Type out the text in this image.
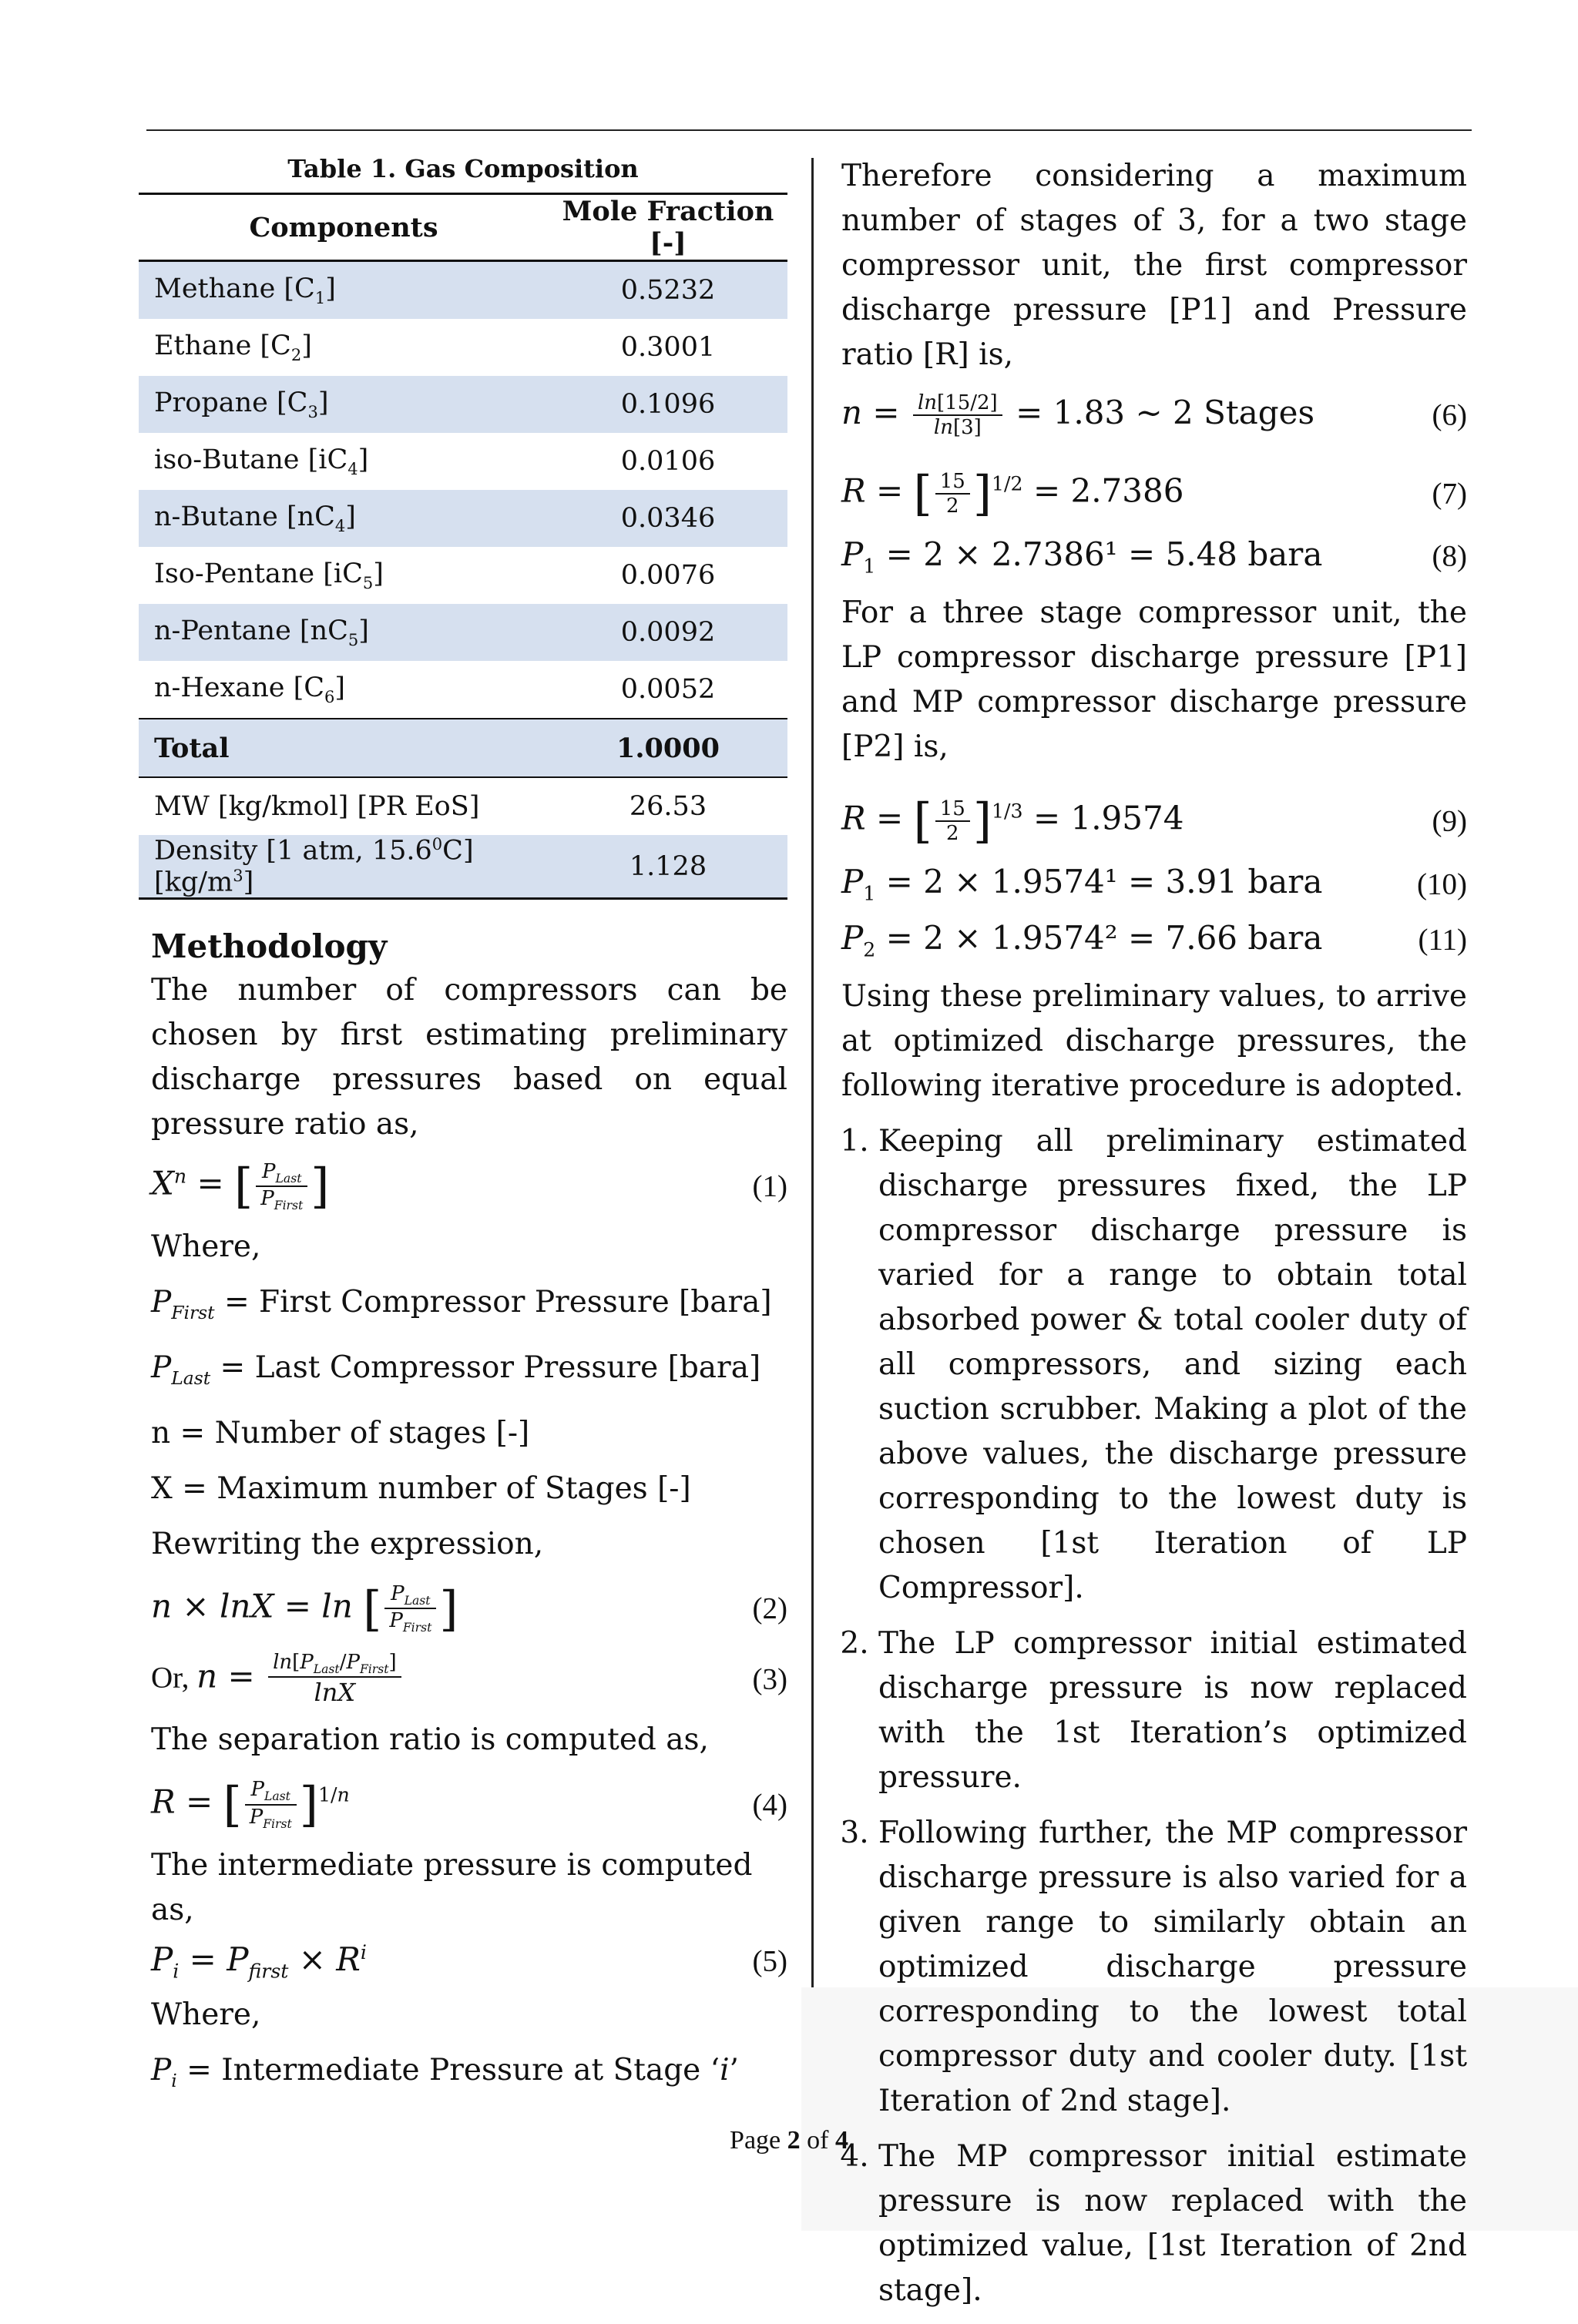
Table 1. Gas Composition
Components	Mole Fraction [-]
Methane $[C_1]$	0.5232
Ethane $[C_2]$	0.3001
Propane $[C_3]$	0.1096
iso-Butane $[iC_4]$	0.0106
n-Butane $[nC_4]$	0.0346
Iso-Pentane $[iC_5]$	0.0076
n-Pentane $[nC_5]$	0.0092
n-Hexane $[C_6]$	0.0052
Total	1.0000
MW [kg/kmol] [PR EoS]	26.53
Density [1 atm, 15.6$^0$C] $[kg/m^3]$	1.128
Methodology

The number of compressors can be chosen by first estimating preliminary discharge pressures based on equal pressure ratio as,

$X^n$ = [ $\frac{P_{Last}}{P_{First}}$ ]	(1)
Where,
$P_{First}$ = First Compressor Pressure [bara]
$P_{Last}$ = Last Compressor Pressure [bara]
n = Number of stages [-]
X = Maximum number of Stages [-]
Rewriting the expression,
n × lnX = ln [ $\frac{P_{Last}}{P_{First}}$ ]	(2)
Or, $n = \frac{\ln[P_{Last}/P_{First}]}{\ln X}$	(3)
The separation ratio is computed as,
R = [ $\frac{P_{Last}}{P_{First}} ]^{1/n}$	(4)
The intermediate pressure is computed as,
$P_i = P_{first} \times R^i$	(5)
Where,
$P_i$ = Intermediate Pressure at Stage ‘i’

Therefore considering a maximum number of stages of 3, for a two stage compressor unit, the first compressor discharge pressure [P1] and Pressure ratio [R] is,

$n = \frac{\ln[15/2]}{\ln[3]} = 1.83$ ~ 2 Stages	(6)
R = [ $\frac{15}{2} ]^{1/2} = 2.7386$	(7)
$P_1 = 2 \times 2.7386^1 = 5.48$ bara	(8)

For a three stage compressor unit, the LP compressor discharge pressure [P1] and MP compressor discharge pressure [P2] is,

R = [ $\frac{15}{2} ]^{1/3} = 1.9574$	(9)
$P_1 = 2 \times 1.9574^1 = 3.91$ bara	(10)
$P_2 = 2 \times 1.9574^2 = 7.66$ bara	(11)

Using these preliminary values, to arrive at optimized discharge pressures, the following iterative procedure is adopted.

1. Keeping all preliminary estimated discharge pressures fixed, the LP compressor discharge pressure is varied for a range to obtain total absorbed power & total cooler duty of all compressors, and sizing each suction scrubber. Making a plot of the above values, the discharge pressure corresponding to the lowest duty is chosen [1st Iteration of LP Compressor].
2. The LP compressor initial estimated discharge pressure is now replaced with the 1st Iteration’s optimized pressure.
3. Following further, the MP compressor discharge pressure is also varied for a given range to similarly obtain an optimized discharge pressure corresponding to the lowest total compressor duty and cooler duty. [1st Iteration of 2nd stage].
4. The MP compressor initial estimate pressure is now replaced with the optimized value, [1st Iteration of 2nd stage].
Page 2 of 4
